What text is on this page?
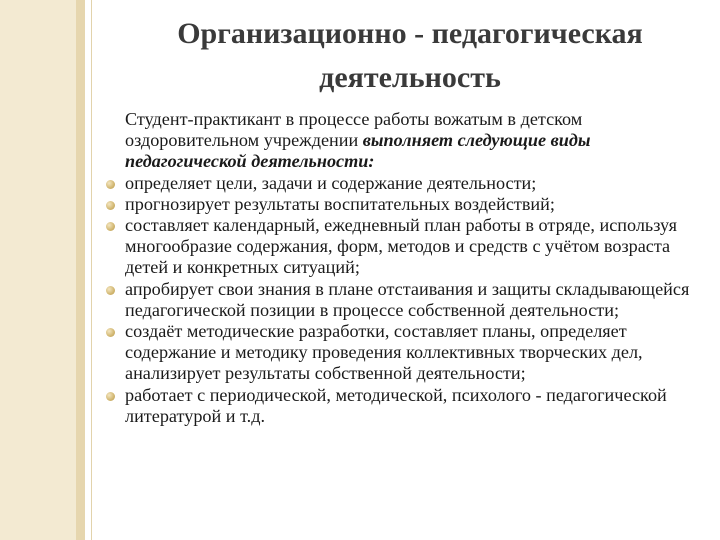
Организационно - педагогическая
деятельность

Студент-практикант в процессе работы вожатым в детском оздоровительном учреждении выполняет следующие виды педагогической деятельности:

определяет цели, задачи и содержание деятельности;
прогнозирует результаты воспитательных воздействий;
составляет календарный, ежедневный план работы в отряде, используя многообразие содержания, форм, методов и средств с учётом возраста детей и конкретных ситуаций;
апробирует свои знания в плане отстаивания и защиты складывающейся педагогической позиции в процессе собственной деятельности;
создаёт методические разработки, составляет планы, определяет содержание и методику проведения коллективных творческих дел, анализирует результаты собственной деятельности;
работает с периодической, методической, психолого - педагогической литературой и т.д.
